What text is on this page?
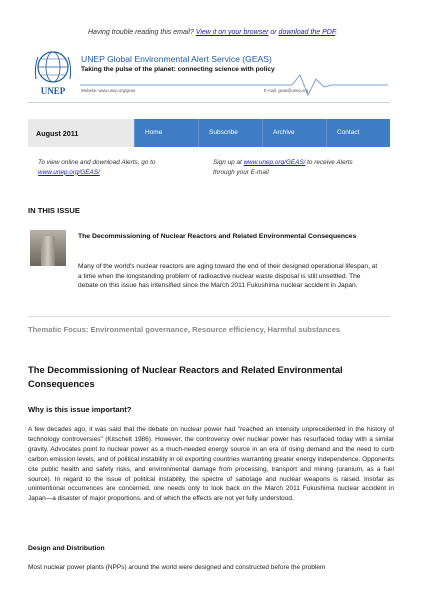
Having trouble reading this email? View it on your browser or download the PDF.
UNEP
UNEP Global Environmental Alert Service (GEAS)
Taking the pulse of the planet: connecting science with policy
Website: www.unep.org/geas	E-mail: geas@unep.org
August 2011	Home	Subscribe	Archive	Contact
To view online and download Alerts, go to www.unep.org/GEAS/
Sign up at www.unep.org/GEAS/ to receive Alerts through your E-mail
IN THIS ISSUE
The Decommissioning of Nuclear Reactors and Related Environmental Consequences
Many of the world's nuclear reactors are aging toward the end of their designed operational lifespan, at a time when the longstanding problem of radioactive nuclear waste disposal is still unsettled. The debate on this issue has intensified since the March 2011 Fukushima nuclear accident in Japan.
Thematic Focus: Environmental governance, Resource efficiency, Harmful substances
The Decommissioning of Nuclear Reactors and Related Environmental Consequences
Why is this issue important?
A few decades ago, it was said that the debate on nuclear power had "reached an intensity unprecedented in the history of technology controversies" (Kitschelt 1986). However, the controversy over nuclear power has resurfaced today with a similar gravity. Advocates point to nuclear power as a much-needed energy source in an era of rising demand and the need to curb carbon emission levels, and of political instability in oil exporting countries warranting greater energy independence. Opponents cite public health and safety risks, and environmental damage from processing, transport and mining (uranium, as a fuel source). In regard to the issue of political instability, the spectre of sabotage and nuclear weapons is raised. Insofar as unintentional occurrences are concerned, one needs only to look back on the March 2011 Fukushima nuclear accident in Japan—a disaster of major proportions, and of which the effects are not yet fully understood.
Design and Distribution
Most nuclear power plants (NPPs) around the world were designed and constructed before the problem
